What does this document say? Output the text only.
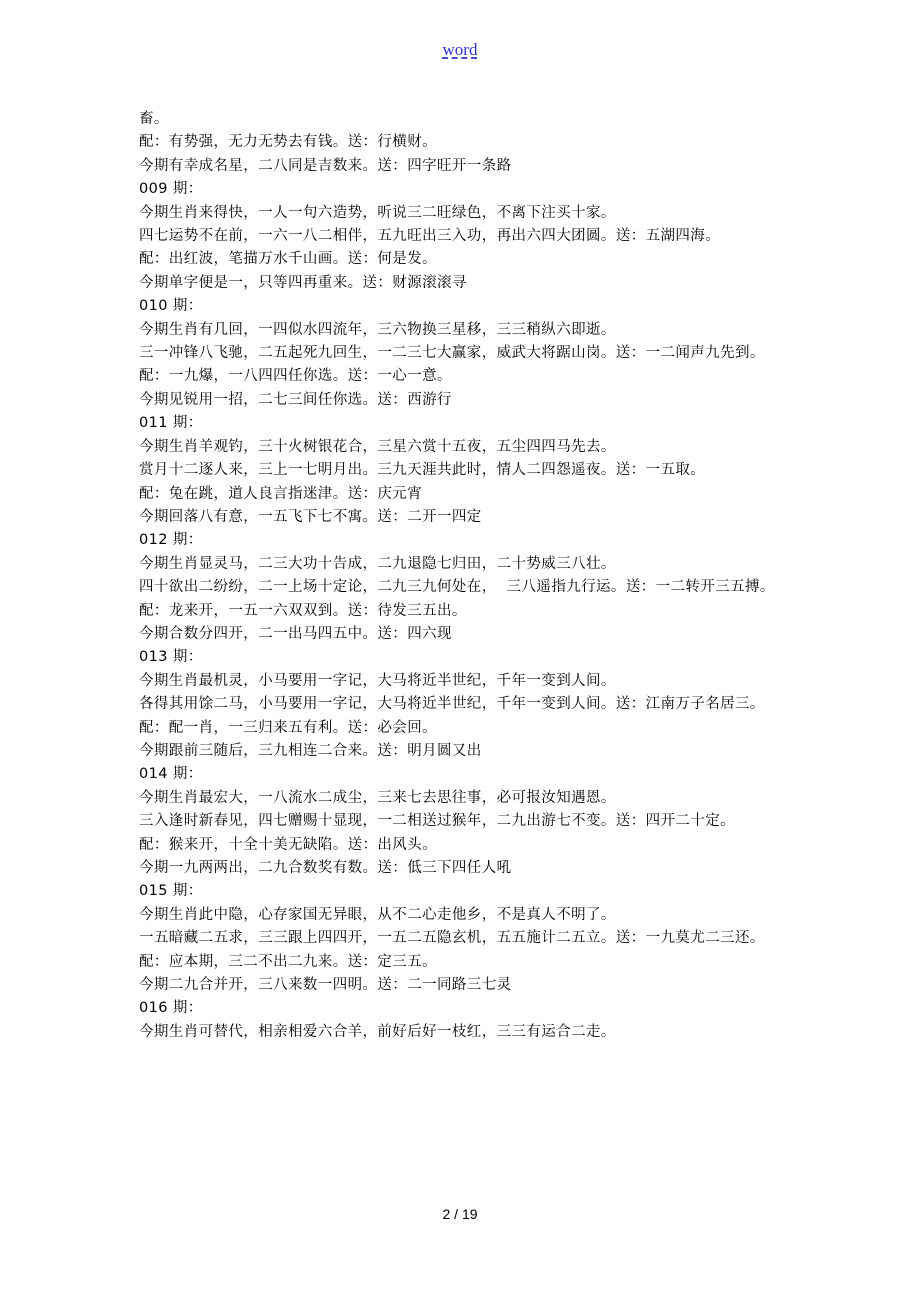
word
畜。
配：有势强，无力无势去有钱。送：行横财。
今期有幸成名星，二八同是吉数来。送：四字旺开一条路
009 期：
今期生肖来得快，一人一句六造势，听说三二旺绿色，不离下注买十家。
四七运势不在前，一六一八二相伴，五九旺出三入功，再出六四大团圆。送：五湖四海。
配：出红波，笔描万水千山画。送：何是发。
今期单字便是一，只等四再重来。送：财源滚滚寻
010 期：
今期生肖有几回，一四似水四流年，三六物换三星移，三三稍纵六即逝。
三一冲锋八飞驰，二五起死九回生，一二三七大赢家，威武大将踞山岗。送：一二闻声九先到。
配：一九爆，一八四四任你选。送：一心一意。
今期见锐用一招，二七三间任你选。送：西游行
011 期：
今期生肖羊观钓，三十火树银花合，三星六赏十五夜，五尘四四马先去。
赏月十二逐人来，三上一七明月出。三九天涯共此时，情人二四怨遥夜。送：一五取。
配：兔在跳，道人良言指迷津。送：庆元宵
今期回落八有意，一五飞下七不寓。送：二开一四定
012 期：
今期生肖显灵马，二三大功十告成，二九退隐七归田，二十势威三八壮。
四十欲出二纷纷，二一上场十定论，二九三九何处在，  三八遥指九行运。送：一二转开三五搏。
配：龙来开，一五一六双双到。送：待发三五出。
今期合数分四开，二一出马四五中。送：四六现
013 期：
今期生肖最机灵，小马要用一字记，大马将近半世纪，千年一变到人间。
各得其用馀二马，小马要用一字记，大马将近半世纪，千年一变到人间。送：江南万子名居三。
配：配一肖，一三归来五有利。送：必会回。
今期跟前三随后，三九相连二合来。送：明月圆又出
014 期：
今期生肖最宏大，一八流水二成尘，三来七去思往事，必可报汝知遇恩。
三入逢时新春见，四七赠赐十显现，一二相送过猴年，二九出游七不变。送：四开二十定。
配：猴来开，十全十美无缺陷。送：出风头。
今期一九两两出，二九合数奖有数。送：低三下四任人吼
015 期：
今期生肖此中隐，心存家国无异眼，从不二心走他乡，不是真人不明了。
一五暗藏二五求，三三跟上四四开，一五二五隐玄机，五五施计二五立。送：一九莫尤二三还。
配：应本期，三二不出二九来。送：定三五。
今期二九合并开，三八来数一四明。送：二一同路三七灵
016 期：
今期生肖可替代，相亲相爱六合羊，前好后好一枝红，三三有运合二走。
2 / 19
